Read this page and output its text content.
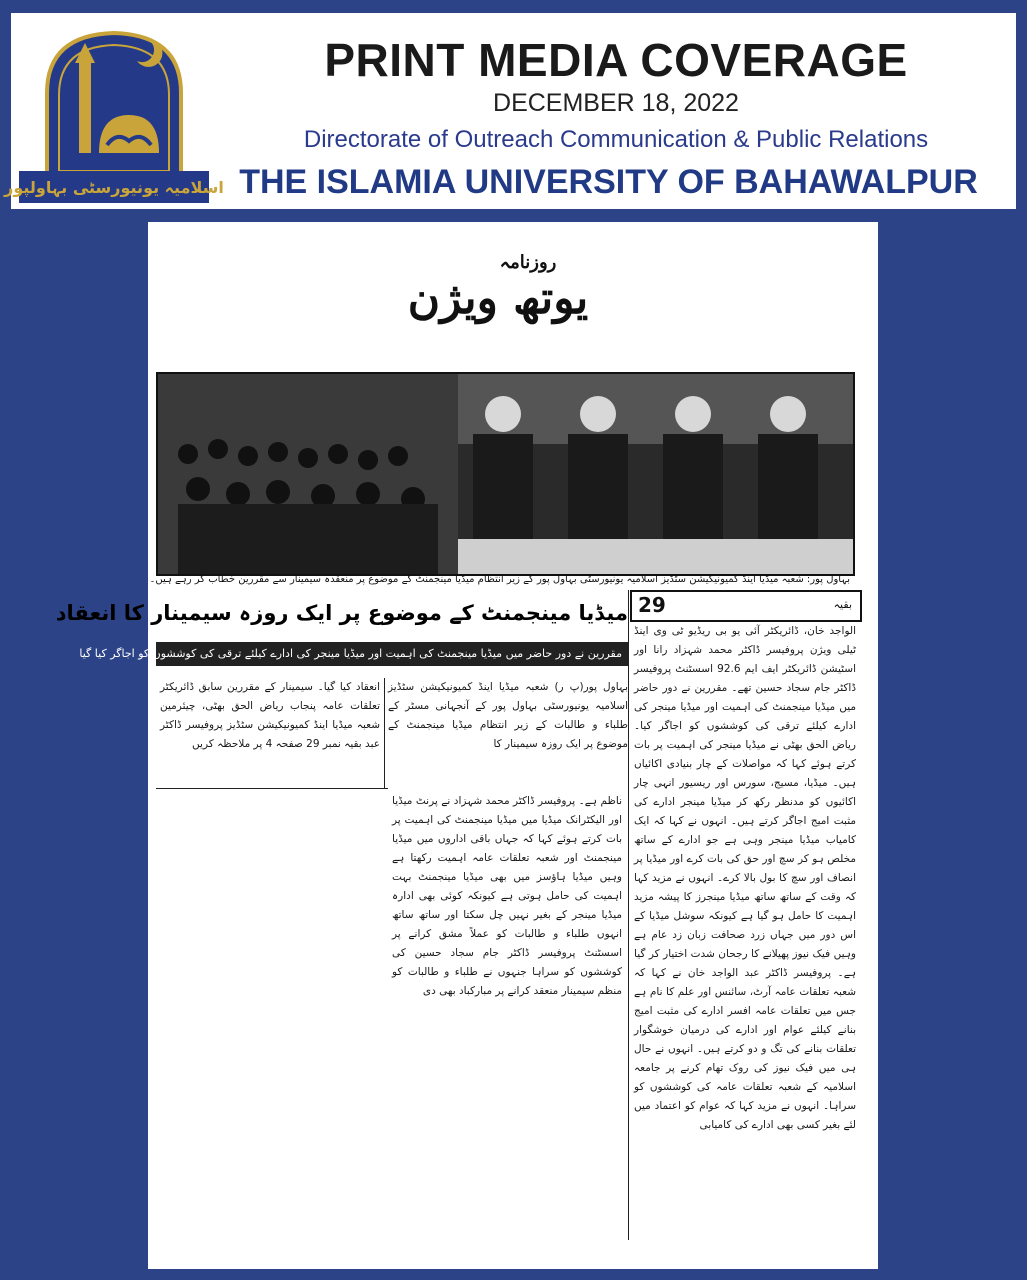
اسلامیہ یونیورسٹی بہاولپور
PRINT MEDIA COVERAGE
DECEMBER 18, 2022
Directorate of Outreach Communication & Public Relations
THE ISLAMIA UNIVERSITY OF BAHAWALPUR
روزنامہ
یوتھ ویژن
بہاول پور: شعبہ میڈیا اینڈ کمیونیکیشن سٹڈیز اسلامیہ یونیورسٹی بہاول پور کے زیر انتظام میڈیا مینجمنٹ کے موضوع پر منعقدہ سیمینار سے مقررین خطاب کر رہے ہیں۔
میڈیا مینجمنٹ کے موضوع پر ایک روزہ سیمینار کا انعقاد
مقررین نے دور حاضر میں میڈیا مینجمنٹ کی اہمیت اور میڈیا مینجر کی ادارے کیلئے ترقی کی کوششوں کو اجاگر کیا گیا
29	بقیہ
بہاول پور(پ ر) شعبہ میڈیا اینڈ کمیونیکیشن سٹڈیز اسلامیہ یونیورسٹی بہاول پور کے آنجہانی مسٹر کے طلباء و طالبات کے زیر انتظام میڈیا مینجمنٹ کے موضوع پر ایک روزہ سیمینار کا
انعقاد کیا گیا۔ سیمینار کے مقررین سابق ڈائریکٹر تعلقات عامہ پنجاب ریاض الحق بھٹی، چیئرمین شعبہ میڈیا اینڈ کمیونیکیشن سٹڈیز پروفیسر ڈاکٹر عبد بقیہ نمبر 29 صفحہ 4 پر ملاحظہ کریں
ناظم ہے۔ پروفیسر ڈاکٹر محمد شہزاد نے پرنٹ میڈیا اور الیکٹرانک میڈیا میں میڈیا مینجمنٹ کی اہمیت پر بات کرتے ہوئے کہا کہ جہاں باقی اداروں میں میڈیا مینجمنٹ اور شعبہ تعلقات عامہ اہمیت رکھتا ہے وہیں میڈیا ہاؤسز میں بھی میڈیا مینجمنٹ بہت اہمیت کی حامل ہوتی ہے کیونکہ کوئی بھی ادارہ میڈیا مینجر کے بغیر نہیں چل سکتا اور ساتھ ساتھ انہوں طلباء و طالبات کو عملاً مشق کرانے پر اسسٹنٹ پروفیسر ڈاکٹر جام سجاد حسین کی کوششوں کو سراہا جنہوں نے طلباء و طالبات کو منظم سیمینار منعقد کرانے پر مبارکباد بھی دی
الواجد خان، ڈائریکٹر آئی یو بی ریڈیو ٹی وی اینڈ ٹیلی ویژن پروفیسر ڈاکٹر محمد شہزاد رانا اور اسٹیشن ڈائریکٹر ایف ایم 92.6 اسسٹنٹ پروفیسر ڈاکٹر جام سجاد حسین تھے۔ مقررین نے دور حاضر میں میڈیا مینجمنٹ کی اہمیت اور میڈیا مینجر کی ادارے کیلئے ترقی کی کوششوں کو اجاگر کیا۔ ریاض الحق بھٹی نے میڈیا مینجر کی اہمیت پر بات کرتے ہوئے کہا کہ مواصلات کے چار بنیادی اکائیاں ہیں۔ میڈیا، مسیج، سورس اور ریسیور انہی چار اکائیوں کو مدنظر رکھ کر میڈیا مینجر ادارے کی مثبت امیج اجاگر کرتے ہیں۔ انہوں نے کہا کہ ایک کامیاب میڈیا مینجر وہی ہے جو ادارے کے ساتھ مخلص ہو کر سچ اور حق کی بات کرے اور میڈیا پر انصاف اور سچ کا بول بالا کرے۔ انہوں نے مزید کہا کہ وقت کے ساتھ ساتھ میڈیا مینجرز کا پیشہ مزید اہمیت کا حامل ہو گیا ہے کیونکہ سوشل میڈیا کے اس دور میں جہاں زرد صحافت زبان زد عام ہے وہیں فیک نیوز پھیلانے کا رجحان شدت اختیار کر گیا ہے۔ پروفیسر ڈاکٹر عبد الواجد خان نے کہا کہ شعبہ تعلقات عامہ آرٹ، سائنس اور علم کا نام ہے جس میں تعلقات عامہ افسر ادارے کی مثبت امیج بنانے کیلئے عوام اور ادارے کی درمیان خوشگوار تعلقات بنانے کی تگ و دو کرتے ہیں۔ انہوں نے حال ہی میں فیک نیوز کی روک تھام کرنے پر جامعہ اسلامیہ کے شعبہ تعلقات عامہ کی کوششوں کو سراہا۔ انہوں نے مزید کہا کہ عوام کو اعتماد میں لئے بغیر کسی بھی ادارے کی کامیابی
